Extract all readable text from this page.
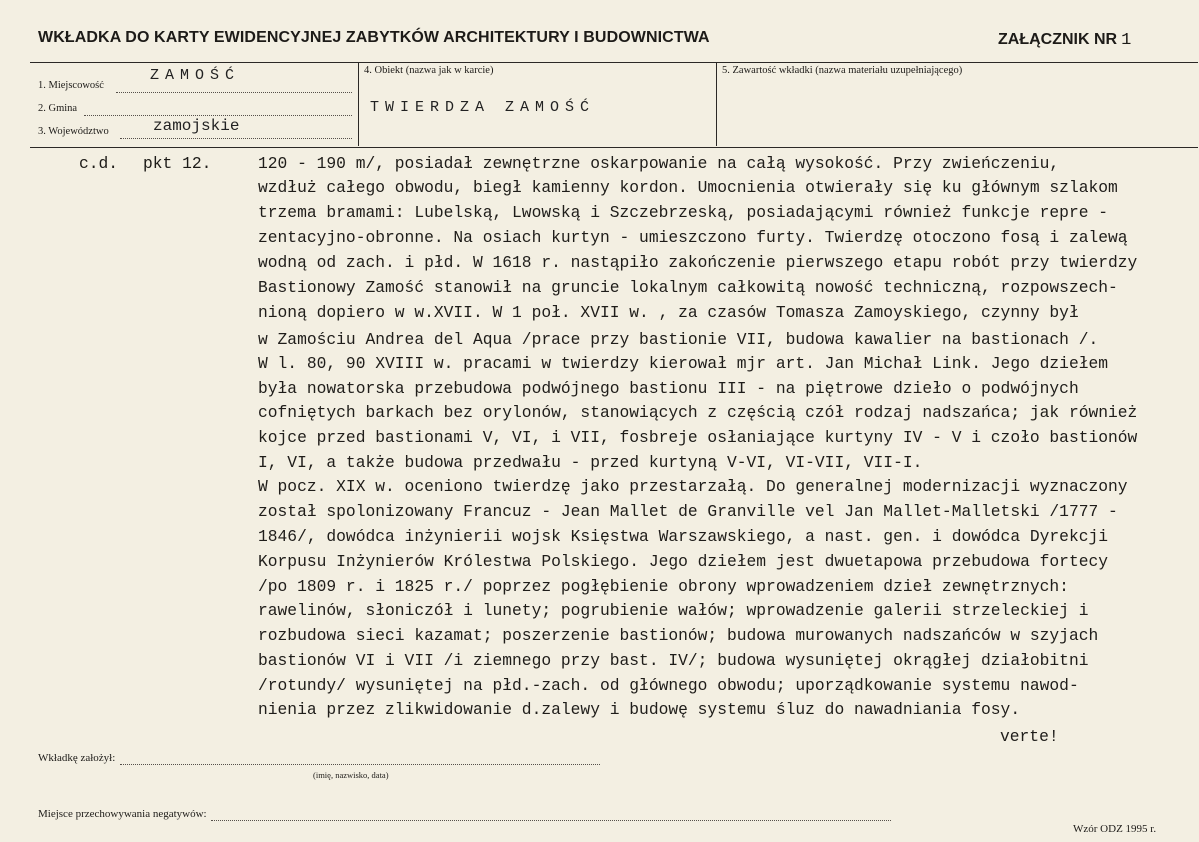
WKŁADKA DO KARTY EWIDENCYJNEJ ZABYTKÓW ARCHITEKTURY I BUDOWNICTWA	ZAŁĄCZNIK NR 1
1. Miejscowość
ZAMOŚĆ
2. Gmina
3. Województwo	zamojskie
4. Obiekt (nazwa jak w karcie)
TWIERDZA ZAMOŚĆ
5. Zawartość wkładki (nazwa materiału uzupełniającego)
c.d. pkt 12.	120 - 190 m/, posiadał zewnętrzne oskarpowanie na całą wysokość. Przy zwieńczeniu,
wzdłuż całego obwodu, biegł kamienny kordon. Umocnienia otwierały się ku głównym szlakom
trzema bramami: Lubelską, Lwowską i Szczebrzeską, posiadającymi również funkcje repre -
zentacyjno-obronne. Na osiach kurtyn - umieszczono furty. Twierdzę otoczono fosą i zalewą
wodną od zach. i płd. W 1618 r. nastąpiło zakończenie pierwszego etapu robót przy twierdzy
Bastionowy Zamość stanowił na gruncie lokalnym całkowitą nowość techniczną, rozpowszech-
nioną dopiero w w.XVII. W 1 poł. XVII w. , za czasów Tomasza Zamoyskiego, czynny był
w Zamościu Andrea del Aqua /prace przy bastionie VII, budowa kawalier na bastionach /.
W l. 80, 90 XVIII w. pracami w twierdzy kierował mjr art. Jan Michał Link. Jego dziełem
była nowatorska przebudowa podwójnego bastionu III - na piętrowe dzieło o podwójnych
cofniętych barkach bez orylonów, stanowiących z częścią czół rodzaj nadszańca; jak również
kojce przed bastionami V, VI, i VII, fosbreje osłaniające kurtyny IV - V i czoło bastionów
I, VI, a także budowa przedwału - przed kurtyną V-VI, VI-VII, VII-I.
W pocz. XIX w. oceniono twierdzę jako przestarzałą. Do generalnej modernizacji wyznaczony
został spolonizowany Francuz - Jean Mallet de Granville vel Jan Mallet-Malletski /1777 -
1846/, dowódca inżynierii wojsk Księstwa Warszawskiego, a nast. gen. i dowódca Dyrekcji
Korpusu Inżynierów Królestwa Polskiego. Jego dziełem jest dwuetapowa przebudowa fortecy
/po 1809 r. i 1825 r./ poprzez pogłębienie obrony wprowadzeniem dzieł zewnętrznych:
rawelinów, słoniczół i lunety; pogrubienie wałów; wprowadzenie galerii strzeleckiej i
rozbudowa sieci kazamat; poszerzenie bastionów; budowa murowanych nadszańców w szyjach
bastionów VI i VII /i ziemnego przy bast. IV/; budowa wysuniętej okrągłej działobitni
/rotundy/ wysuniętej na płd.-zach. od głównego obwodu; uporządkowanie systemu nawod-
nienia przez zlikwidowanie d.zalewy i budowę systemu śluz do nawadniania fosy.
verte!
Wkładkę założył:
(imię, nazwisko, data)
Miejsce przechowywania negatywów:
Wzór ODZ 1995 r.
